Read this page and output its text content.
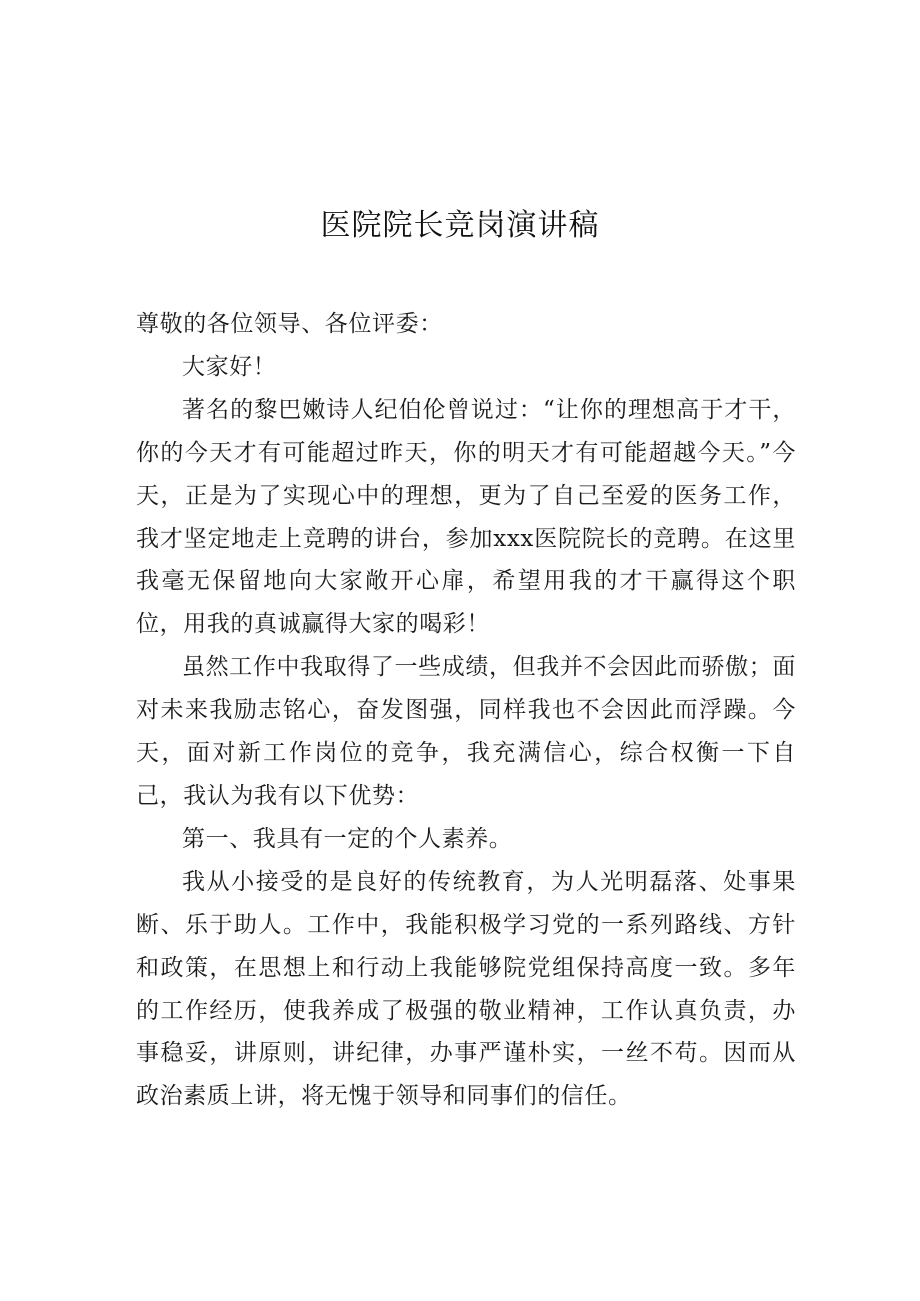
医院院长竞岗演讲稿

尊敬的各位领导、各位评委：

大家好！

著名的黎巴嫩诗人纪伯伦曾说过：“让你的理想高于才干，你的今天才有可能超过昨天，你的明天才有可能超越今天。”今天，正是为了实现心中的理想，更为了自己至爱的医务工作，我才坚定地走上竞聘的讲台，参加xxx医院院长的竞聘。在这里我毫无保留地向大家敞开心扉，希望用我的才干赢得这个职位，用我的真诚赢得大家的喝彩！

虽然工作中我取得了一些成绩，但我并不会因此而骄傲；面对未来我励志铭心，奋发图强，同样我也不会因此而浮躁。今天，面对新工作岗位的竞争，我充满信心，综合权衡一下自己，我认为我有以下优势：

第一、我具有一定的个人素养。

我从小接受的是良好的传统教育，为人光明磊落、处事果断、乐于助人。工作中，我能积极学习党的一系列路线、方针和政策，在思想上和行动上我能够院党组保持高度一致。多年的工作经历，使我养成了极强的敬业精神，工作认真负责，办事稳妥，讲原则，讲纪律，办事严谨朴实，一丝不苟。因而从政治素质上讲，将无愧于领导和同事们的信任。
